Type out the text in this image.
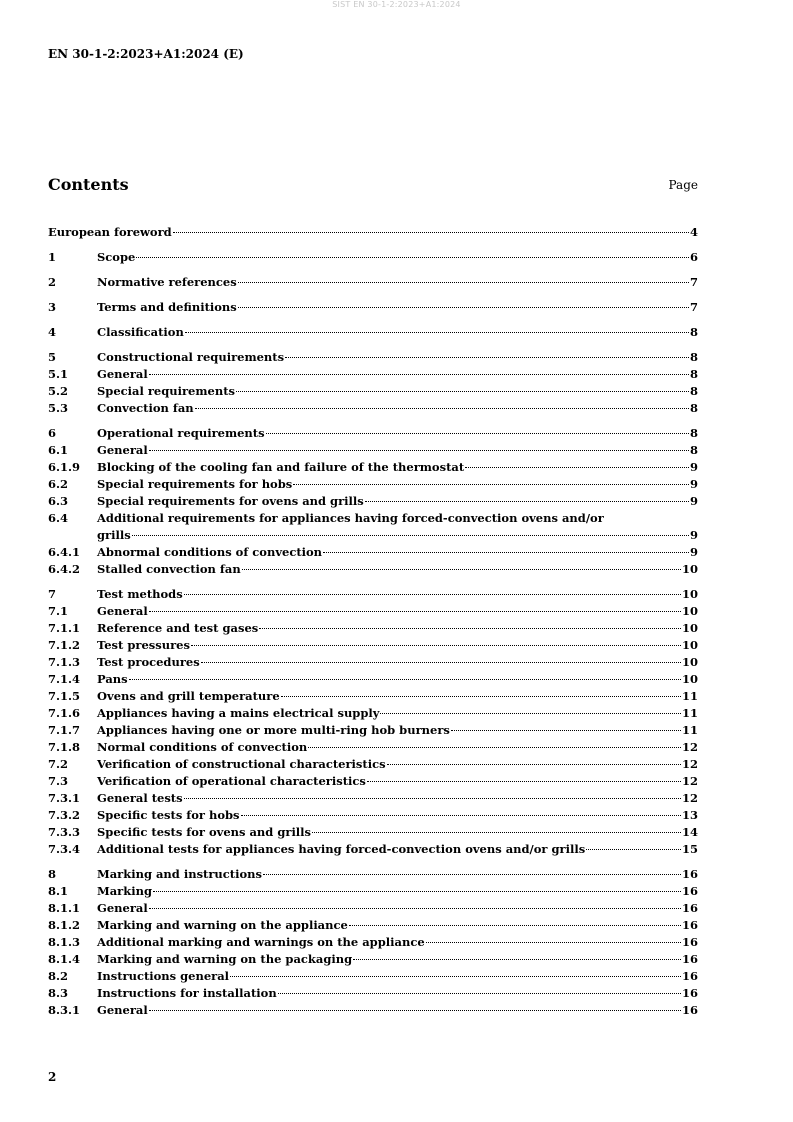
SIST EN 30-1-2:2023+A1:2024
EN 30-1-2:2023+A1:2024 (E)
Contents	Page
European foreword	4
1	Scope	6
2	Normative references	7
3	Terms and definitions	7
4	Classification	8
5	Constructional requirements	8
5.1	General	8
5.2	Special requirements	8
5.3	Convection fan	8
6	Operational requirements	8
6.1	General	8
6.1.9	Blocking of the cooling fan and failure of the thermostat	9
6.2	Special requirements for hobs	9
6.3	Special requirements for ovens and grills	9
6.4	Additional requirements for appliances having forced-convection ovens and/or
grills	9
6.4.1	Abnormal conditions of convection	9
6.4.2	Stalled convection fan	10
7	Test methods	10
7.1	General	10
7.1.1	Reference and test gases	10
7.1.2	Test pressures	10
7.1.3	Test procedures	10
7.1.4	Pans	10
7.1.5	Ovens and grill temperature	11
7.1.6	Appliances having a mains electrical supply	11
7.1.7	Appliances having one or more multi-ring hob burners	11
7.1.8	Normal conditions of convection	12
7.2	Verification of constructional characteristics	12
7.3	Verification of operational characteristics	12
7.3.1	General tests	12
7.3.2	Specific tests for hobs	13
7.3.3	Specific tests for ovens and grills	14
7.3.4	Additional tests for appliances having forced-convection ovens and/or grills	15
8	Marking and instructions	16
8.1	Marking	16
8.1.1	General	16
8.1.2	Marking and warning on the appliance	16
8.1.3	Additional marking and warnings on the appliance	16
8.1.4	Marking and warning on the packaging	16
8.2	Instructions general	16
8.3	Instructions for installation	16
8.3.1	General	16
2
